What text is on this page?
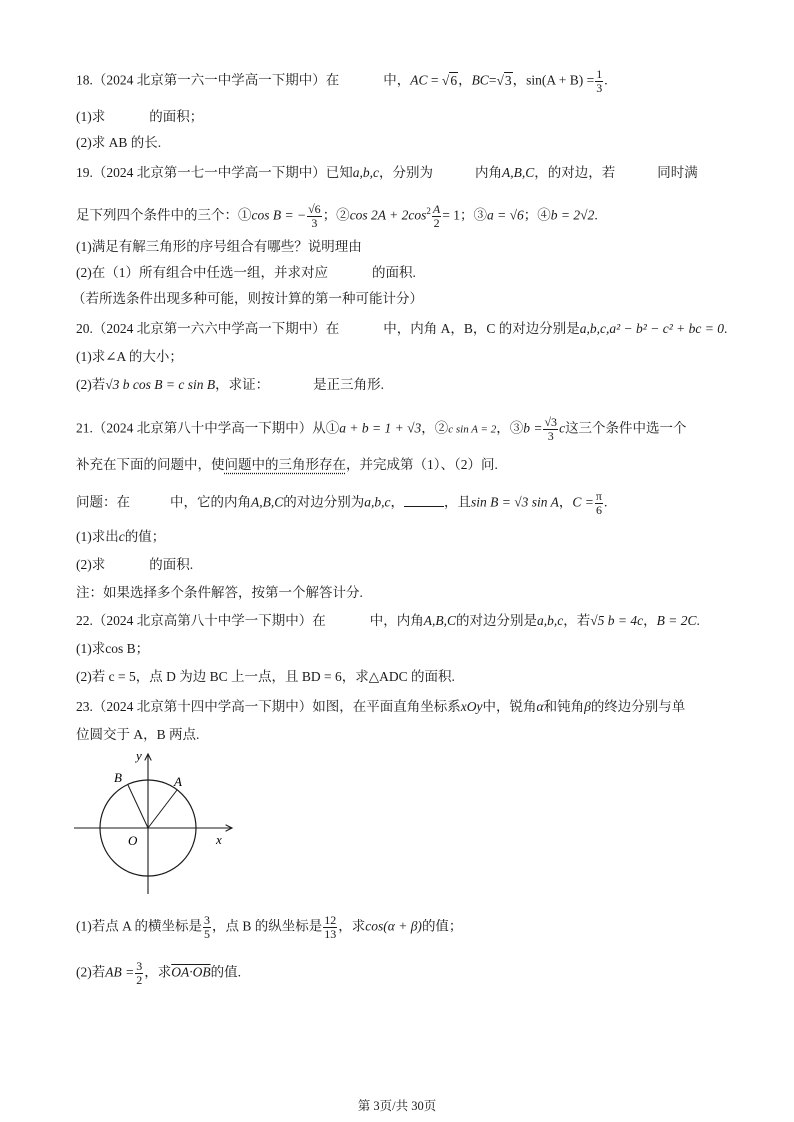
18.（2024 北京第一六一中学高一下期中）在	中，AC = √6，BC=√3，$\sin(A + B) = \frac{1}{3}$ .
(1)求	的面积；
(2)求 AB 的长.
19.（2024 北京第一七一中学高一下期中）已知a,b,c，分别为	内角A,B,C，的对边，若	同时满
足下列四个条件中的三个：①cos B = − $\frac{√6}{3}$ ；②cos $2A + 2\cos^2 \frac{A}{2} = 1$；③a = √6；④b = 2√2.
(1)满足有解三角形的序号组合有哪些？说明理由
(2)在（1）所有组合中任选一组，并求对应	的面积.
（若所选条件出现多种可能，则按计算的第一种可能计分）
20.（2024 北京第一六六中学高一下期中）在	中，内角 A，B，C 的对边分别是a,b,c,a² − b² − c² + bc = 0.
(1)求∠A 的大小；
(2)若√3 b cos B = c sin B，求证：	是正三角形.
21.（2024 北京第八十中学高一下期中）从①a + b = 1 + √3，②c sin A = 2，③b = $\frac{√3}{3}$ c这三个条件中选一个
补充在下面的问题中，使问题中的三角形存在，并完成第（1）、（2）问.
问题：在	中，它的内角A,B,C的对边分别为a,b,c，	，且sin B = √3 sin A，$C = \frac{\pi}{6}$ .
(1)求出c的值；
(2)求	的面积.
注：如果选择多个条件解答，按第一个解答计分.
22.（2024 北京高第八十中学一下期中）在	中，内角A,B,C的对边分别是a,b,c，若√5 b = 4c，B = 2C.
(1)求cos B；
(2)若 c = 5，点 D 为边 BC 上一点，且 BD = 6，求△ADC 的面积.
23.（2024 北京第十四中学高一下期中）如图，在平面直角坐标系xOy中，锐角α和钝角β的终边分别与单
位圆交于 A，B 两点.
y
x
O
A
B
(1)若点 A 的横坐标是 $\frac{3}{5}$ ，点 B 的纵坐标是 $\frac{12}{13}$ ，求cos(α + β)的值；
(2)若AB = $\frac{3}{2}$ ，求OA·OB的值.
第 3页/共 30页
